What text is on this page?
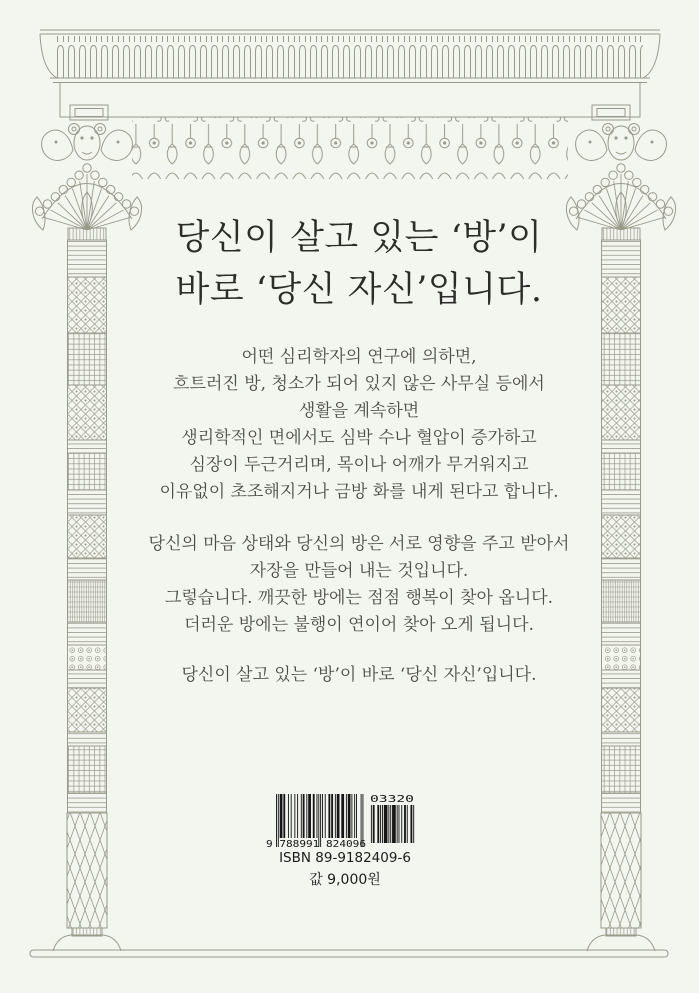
당신이 살고 있는 ‘방’이
바로 ‘당신 자신’입니다.
어떤 심리학자의 연구에 의하면,
흐트러진 방, 청소가 되어 있지 않은 사무실 등에서
생활을 계속하면
생리학적인 면에서도 심박 수나 혈압이 증가하고
심장이 두근거리며, 목이나 어깨가 무거워지고
이유없이 초조해지거나 금방 화를 내게 된다고 합니다.
당신의 마음 상태와 당신의 방은 서로 영향을 주고 받아서
자장을 만들어 내는 것입니다.
그렇습니다. 깨끗한 방에는 점점 행복이 찾아 옵니다.
더러운 방에는 불행이 연이어 찾아 오게 됩니다.
당신이 살고 있는 ‘방’이 바로 ‘당신 자신’입니다.
9 788991 824096
03320
ISBN 89-9182409-6
값 9,000원
